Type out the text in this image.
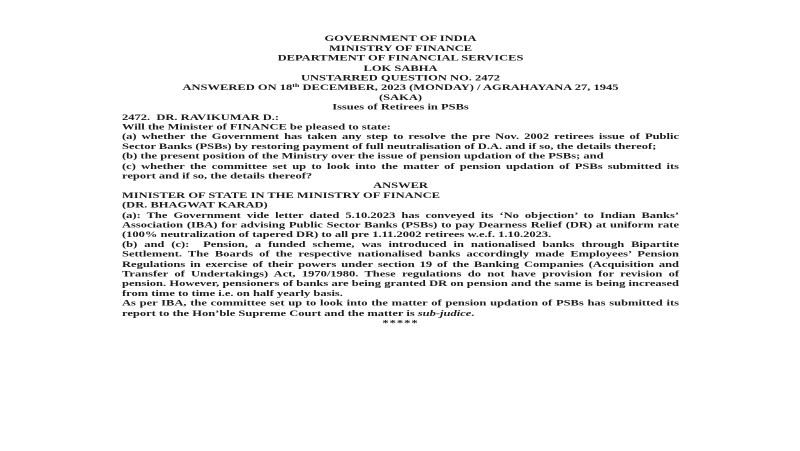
GOVERNMENT OF INDIA
MINISTRY OF FINANCE
DEPARTMENT OF FINANCIAL SERVICES
LOK SABHA
UNSTARRED QUESTION NO. 2472

ANSWERED ON 18th DECEMBER, 2023 (MONDAY) / AGRAHAYANA 27, 1945

(SAKA)
Issues of Retirees in PSBs
2472.  DR. RAVIKUMAR D.:

Will the Minister of FINANCE be pleased to state:

(a) whether the Government has taken any step to resolve the pre Nov. 2002 retirees issue of Public Sector Banks (PSBs) by restoring payment of full neutralisation of D.A. and if so, the details thereof;

(b) the present position of the Ministry over the issue of pension updation of the PSBs; and

(c) whether the committee set up to look into the matter of pension updation of PSBs submitted its report and if so, the details thereof?

ANSWER
MINISTER OF STATE IN THE MINISTRY OF FINANCE
(DR. BHAGWAT KARAD)

(a): The Government vide letter dated 5.10.2023 has conveyed its ‘No objection’ to Indian Banks’ Association (IBA) for advising Public Sector Banks (PSBs) to pay Dearness Relief (DR) at uniform rate (100% neutralization of tapered DR) to all pre 1.11.2002 retirees w.e.f. 1.10.2023.

(b) and (c):  Pension, a funded scheme, was introduced in nationalised banks through Bipartite Settlement. The Boards of the respective nationalised banks accordingly made Employees’ Pension Regulations in exercise of their powers under section 19 of the Banking Companies (Acquisition and Transfer of Undertakings) Act, 1970/1980. These regulations do not have provision for revision of pension. However, pensioners of banks are being granted DR on pension and the same is being increased from time to time i.e. on half yearly basis.

As per IBA, the committee set up to look into the matter of pension updation of PSBs has submitted its report to the Hon’ble Supreme Court and the matter is sub-judice.

*****
